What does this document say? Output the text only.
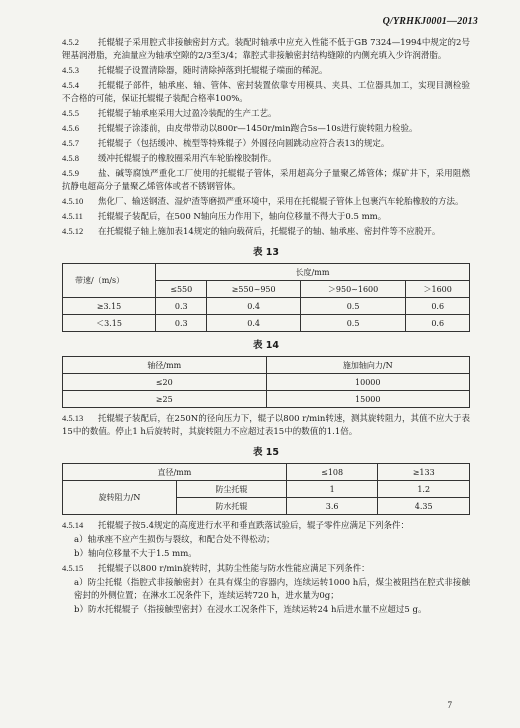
Q/YRHKJ0001—2013

4.5.2 托辊辊子采用腔式非接触密封方式。装配时轴承中应充入性能不低于GB 7324—1994中规定的2号锂基润滑脂，充油量应为轴承空隙的2/3至3/4；靠腔式非接触密封结构缝隙的内侧充填入少许润滑脂。

4.5.3 托辊辊子设置清除器，随时清除掉落到托辊辊子端面的稀泥。

4.5.4 托辊辊子部件，轴承座、轴、管体、密封装置依靠专用模具、夹具、工位器具加工，实现目测检验不合格的可能，保证托辊辊子装配合格率100%。

4.5.5 托辊辊子轴承座采用大过盈冷装配的生产工艺。

4.5.6 托辊辊子涂漆前，由皮带带动以800r—1450r/min跑合5s—10s进行旋转阻力检验。

4.5.7 托辊辊子（包括缓冲、梳型等特殊辊子）外圆径向圆跳动应符合表13的规定。

4.5.8 缓冲托辊辊子的橡胶圈采用汽车轮胎橡胶制作。

4.5.9 盐、碱等腐蚀严重化工厂使用的托辊辊子管体，采用超高分子量聚乙烯管体；煤矿井下，采用阻燃抗静电超高分子量聚乙烯管体或者不锈钢管体。

4.5.10 焦化厂、输送钢渣、湿炉渣等磨损严重环境中，采用在托辊辊子管体上包裹汽车轮胎橡胶的方法。

4.5.11 托辊辊子装配后，在500 N轴向压力作用下，轴向位移量不得大于0.5 mm。

4.5.12 在托辊辊子轴上施加表14规定的轴向载荷后，托辊辊子的轴、轴承座、密封件等不应脱开。

表 13
带速/（m/s）	长度/mm			
	≤550	≥550~950	＞950~1600	＞1600
≥3.15	0.3	0.4	0.5	0.6
＜3.15	0.3	0.4	0.5	0.6
表 14
轴径/mm	施加轴向力/N
≤20	10000
≥25	15000

4.5.13 托辊辊子装配后，在250N的径向压力下，辊子以800 r/min转速，测其旋转阻力，其值不应大于表15中的数值。停止1 h后旋转时，其旋转阻力不应超过表15中的数值的1.1倍。

表 15
直径/mm		≤108	≥133
旋转阻力/N	防尘托辊	1	1.2
	防水托辊	3.6	4.35

4.5.14 托辊辊子按5.4规定的高度进行水平和垂直跌落试验后，辊子零件应满足下列条件：

a）轴承座不应产生损伤与裂纹，和配合处不得松动；

b）轴向位移量不大于1.5 mm。

4.5.15 托辊辊子以800 r/min旋转时，其防尘性能与防水性能应满足下列条件：

a）防尘托辊（指腔式非接触密封）在具有煤尘的容器内，连续运转1000 h后，煤尘被阻挡在腔式非接触密封的外侧位置；在淋水工况条件下，连续运转720 h，进水量为0g；

b）防水托辊辊子（指接触型密封）在浸水工况条件下，连续运转24 h后进水量不应超过5 g。

7
